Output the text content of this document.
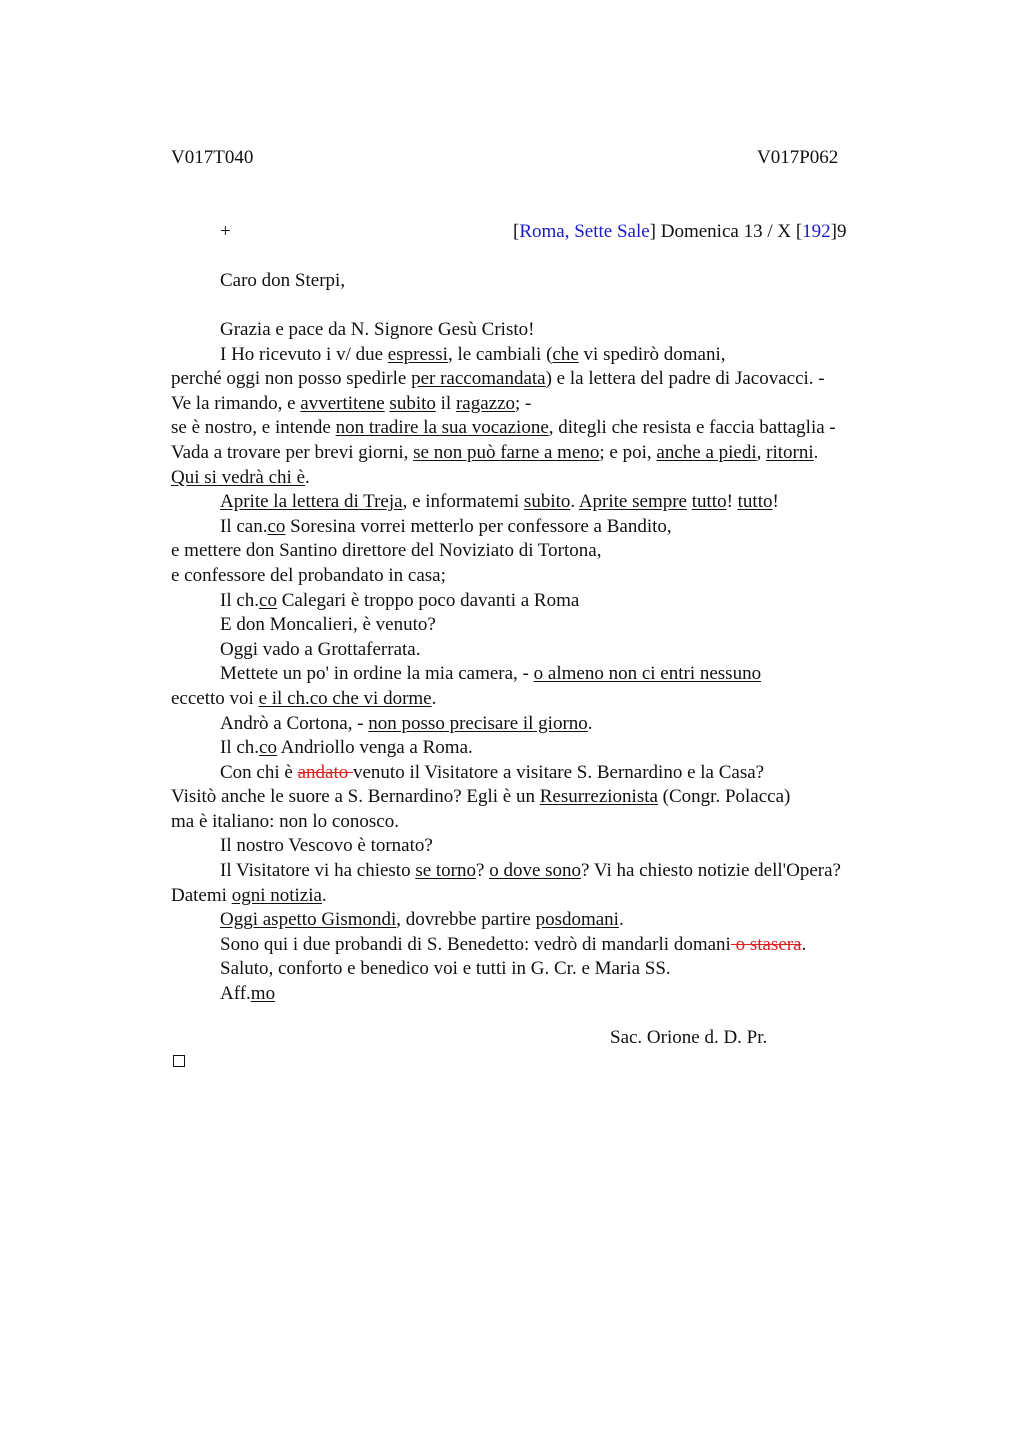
V017T040	V017P062
+	[Roma, Sette Sale] Domenica 13 / X [192]9
Caro don Sterpi,
Grazia e pace da N. Signore Gesù Cristo!
I Ho ricevuto i v/ due espressi, le cambiali (che vi spedirò domani,
perché oggi non posso spedirle per raccomandata) e la lettera del padre di Jacovacci. -
Ve la rimando, e avvertitene subito il ragazzo; -
se è nostro, e intende non tradire la sua vocazione, ditegli che resista e faccia battaglia -
Vada a trovare per brevi giorni, se non può farne a meno; e poi, anche a piedi, ritorni.
Qui si vedrà chi è.
Aprite la lettera di Treja, e informatemi subito. Aprite sempre tutto! tutto!
Il can.co Soresina vorrei metterlo per confessore a Bandito,
e mettere don Santino direttore del Noviziato di Tortona,
e confessore del probandato in casa;
Il ch.co Calegari è troppo poco davanti a Roma
E don Moncalieri, è venuto?
Oggi vado a Grottaferrata.
Mettete un po' in ordine la mia camera, - o almeno non ci entri nessuno
eccetto voi e il ch.co che vi dorme.
Andrò a Cortona, - non posso precisare il giorno.
Il ch.co Andriollo venga a Roma.
Con chi è andato venuto il Visitatore a visitare S. Bernardino e la Casa?
Visitò anche le suore a S. Bernardino? Egli è un Resurrezionista (Congr. Polacca)
ma è italiano: non lo conosco.
Il nostro Vescovo è tornato?
Il Visitatore vi ha chiesto se torno? o dove sono? Vi ha chiesto notizie dell'Opera?
Datemi ogni notizia.
Oggi aspetto Gismondi, dovrebbe partire posdomani.
Sono qui i due probandi di S. Benedetto: vedrò di mandarli domani o stasera.
Saluto, conforto e benedico voi e tutti in G. Cr. e Maria SS.
Aff.mo
Sac. Orione d. D. Pr.
